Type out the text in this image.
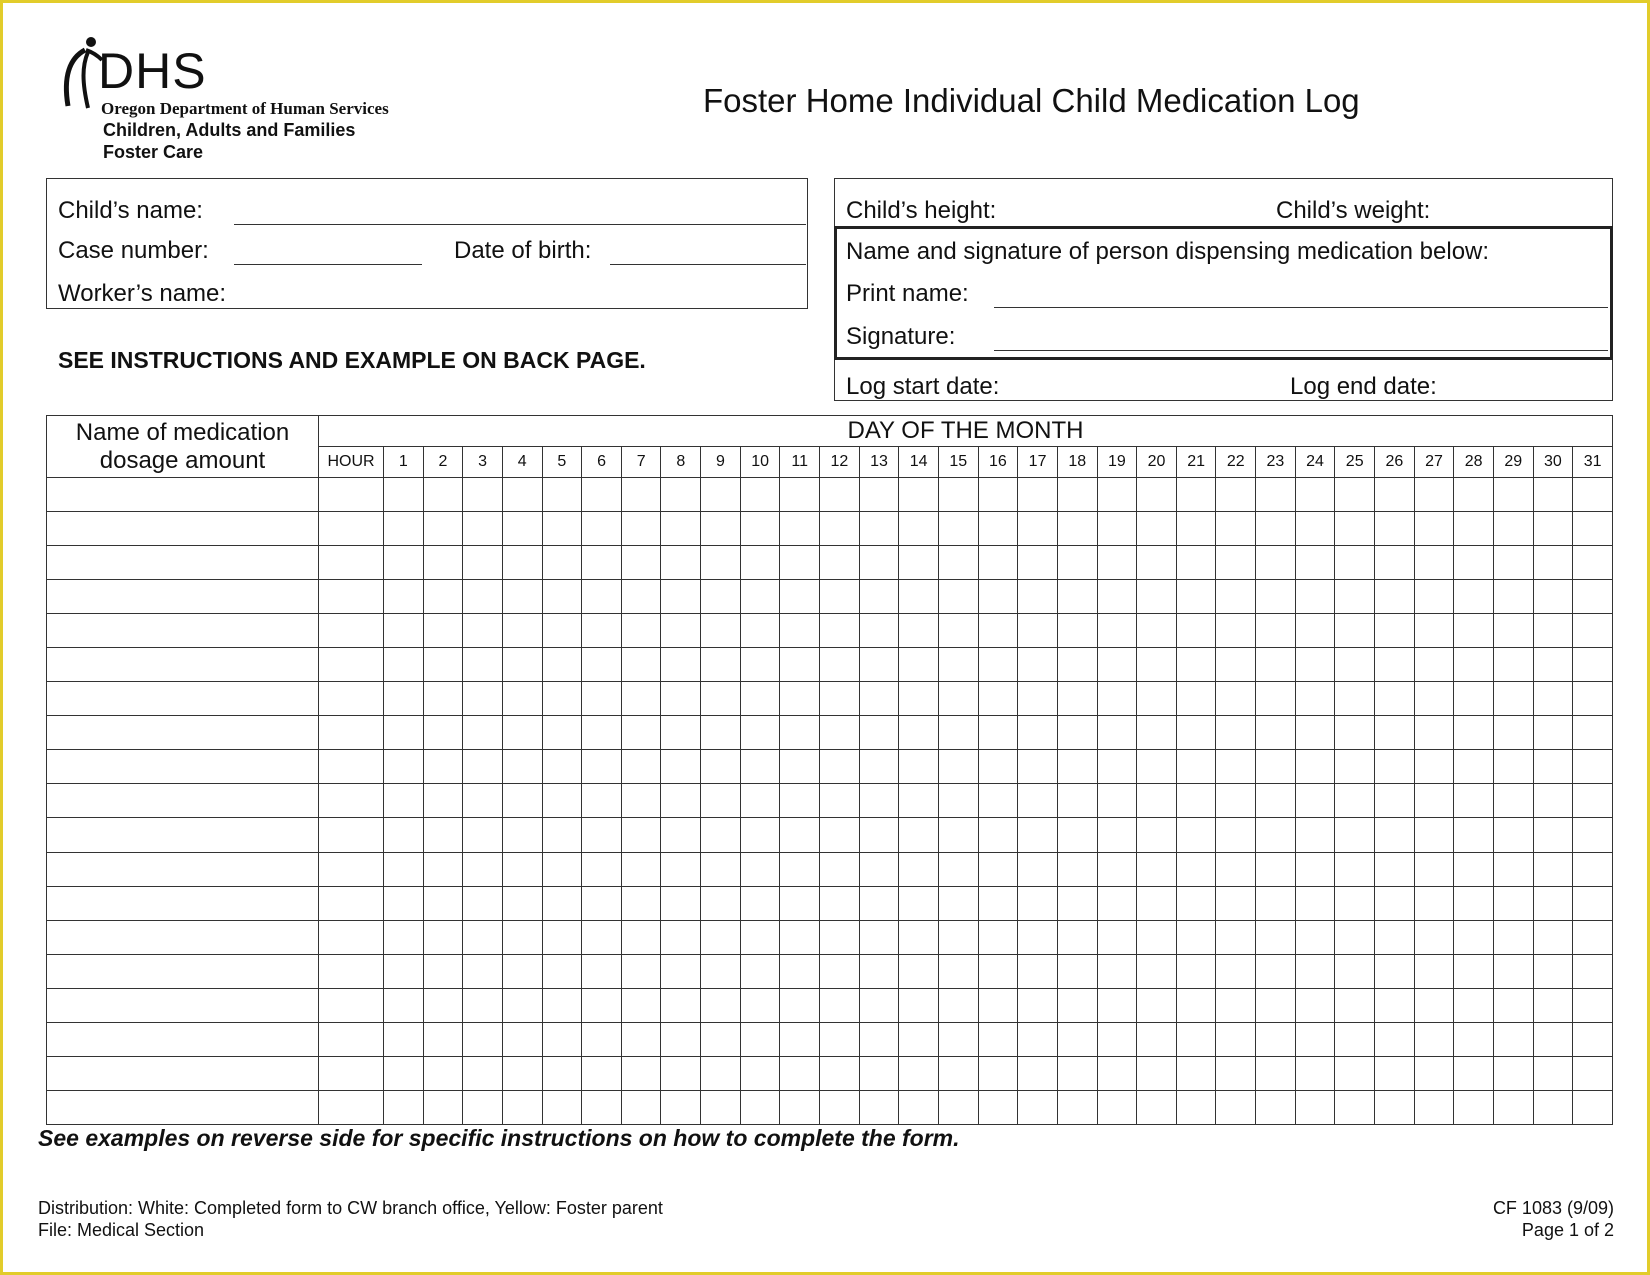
DHS
Oregon Department of Human Services
Children, Adults and Families
Foster Care
Foster Home Individual Child Medication Log
Child’s name:
Case number:	Date of birth:
Worker’s name:
SEE INSTRUCTIONS AND EXAMPLE ON BACK PAGE.
Child’s height:	Child’s weight:
Name and signature of person dispensing medication below:
Print name:
Signature:
Log start date:	Log end date:
Name of medication
dosage amount	DAY OF THE MONTH																															
	HOUR	1	2	3	4	5	6	7	8	9	10	11	12	13	14	15	16	17	18	19	20	21	22	23	24	25	26	27	28	29	30	31

See examples on reverse side for specific instructions on how to complete the form.
Distribution: White: Completed form to CW branch office, Yellow: Foster parent
File: Medical Section
CF 1083 (9/09)
Page 1 of 2
